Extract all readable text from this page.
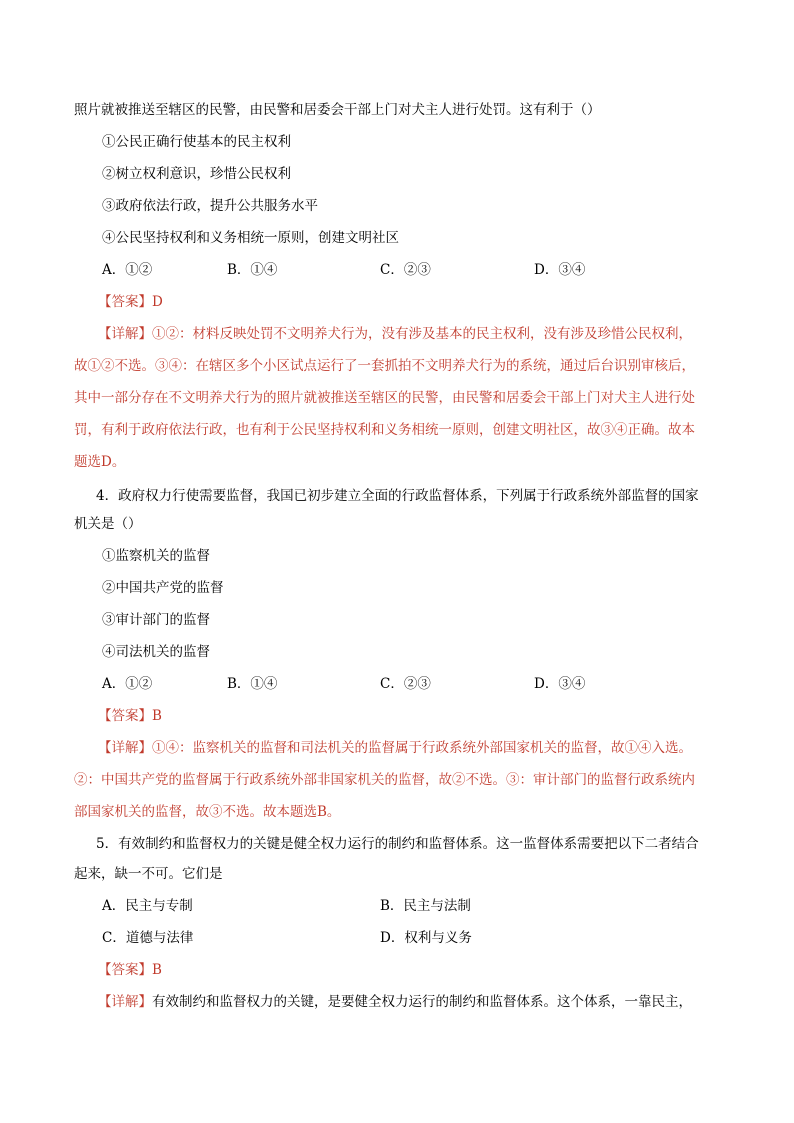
照片就被推送至辖区的民警，由民警和居委会干部上门对犬主人进行处罚。这有利于（）
①公民正确行使基本的民主权利
②树立权利意识，珍惜公民权利
③政府依法行政，提升公共服务水平
④公民坚持权利和义务相统一原则，创建文明社区
A．①②	B．①④	C．②③	D．③④
【答案】D
【详解】①②：材料反映处罚不文明养犬行为，没有涉及基本的民主权利，没有涉及珍惜公民权利，
故①②不选。③④：在辖区多个小区试点运行了一套抓拍不文明养犬行为的系统，通过后台识别审核后，
其中一部分存在不文明养犬行为的照片就被推送至辖区的民警，由民警和居委会干部上门对犬主人进行处
罚，有利于政府依法行政，也有利于公民坚持权利和义务相统一原则，创建文明社区，故③④正确。故本
题选D。
4．政府权力行使需要监督，我国已初步建立全面的行政监督体系，下列属于行政系统外部监督的国家
机关是（）
①监察机关的监督
②中国共产党的监督
③审计部门的监督
④司法机关的监督
A．①②	B．①④	C．②③	D．③④
【答案】B
【详解】①④：监察机关的监督和司法机关的监督属于行政系统外部国家机关的监督，故①④入选。
②：中国共产党的监督属于行政系统外部非国家机关的监督，故②不选。③：审计部门的监督行政系统内
部国家机关的监督，故③不选。故本题选B。
5．有效制约和监督权力的关键是健全权力运行的制约和监督体系。这一监督体系需要把以下二者结合
起来，缺一不可。它们是
A．民主与专制	B．民主与法制
C．道德与法律	D．权利与义务
【答案】B
【详解】有效制约和监督权力的关键，是要健全权力运行的制约和监督体系。这个体系，一靠民主，
